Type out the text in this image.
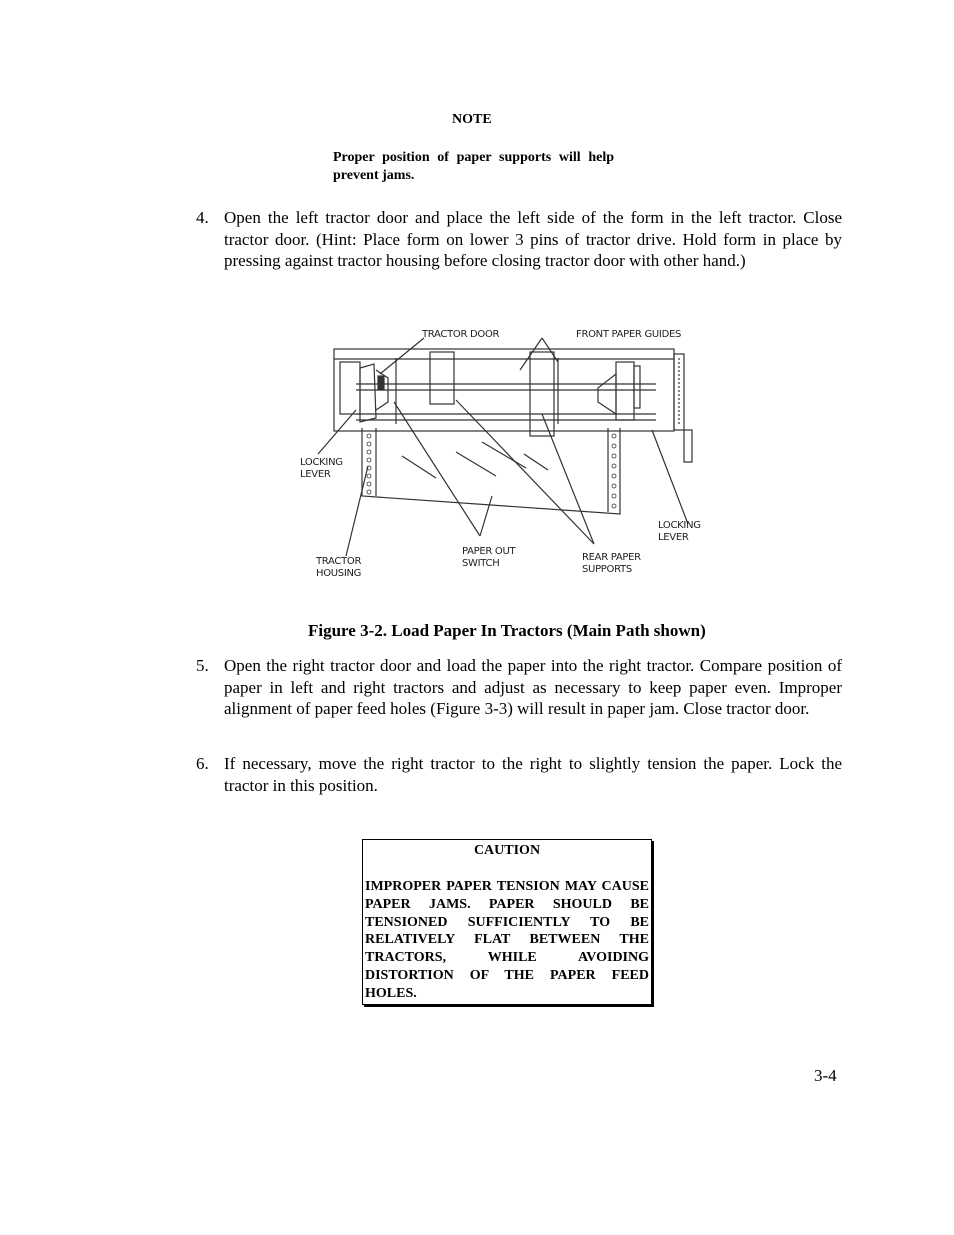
NOTE
Proper position of paper supports will help prevent jams.
4. Open the left tractor door and place the left side of the form in the left tractor. Close tractor door. (Hint: Place form on lower 3 pins of tractor drive. Hold form in place by pressing against tractor housing before closing tractor door with other hand.)
TRACTOR DOOR	FRONT PAPER GUIDES
LOCKING
LEVER
LOCKING
LEVER
TRACTOR
HOUSING
PAPER OUT
SWITCH
REAR PAPER
SUPPORTS
Figure 3-2. Load Paper In Tractors (Main Path shown)
5. Open the right tractor door and load the paper into the right tractor. Compare position of paper in left and right tractors and adjust as necessary to keep paper even. Improper alignment of paper feed holes (Figure 3-3) will result in paper jam. Close tractor door.
6. If necessary, move the right tractor to the right to slightly tension the paper. Lock the tractor in this position.
CAUTION
IMPROPER PAPER TENSION MAY CAUSE PAPER JAMS. PAPER SHOULD BE TENSIONED SUFFICIENTLY TO BE RELATIVELY FLAT BETWEEN THE TRACTORS, WHILE AVOIDING DISTORTION OF THE PAPER FEED HOLES.
3-4
